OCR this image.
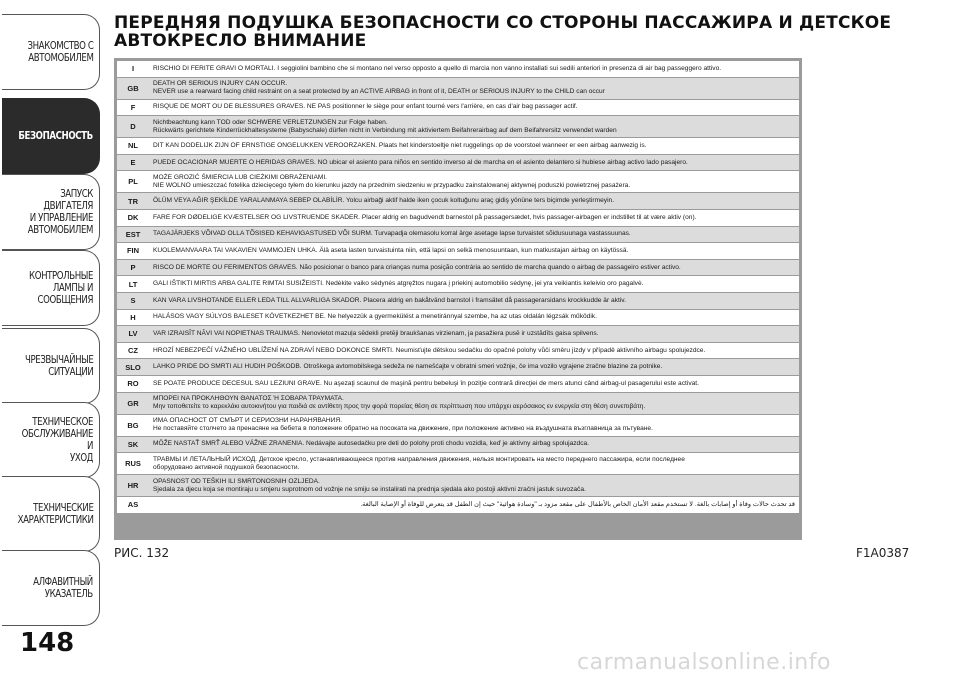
ЗНАКОМСТВО С
АВТОМОБИЛЕМ
БЕЗОПАСНОСТЬ
ЗАПУСК ДВИГАТЕЛЯ
И УПРАВЛЕНИЕ
АВТОМОБИЛЕМ
КОНТРОЛЬНЫЕ
ЛАМПЫ И
СООБЩЕНИЯ
ЧРЕЗВЫЧАЙНЫЕ
СИТУАЦИИ
ТЕХНИЧЕСКОЕ
ОБСЛУЖИВАНИЕ И
УХОД
ТЕХНИЧЕСКИЕ
ХАРАКТЕРИСТИКИ
АЛФАВИТНЫЙ
УКАЗАТЕЛЬ
148
ПЕРЕДНЯЯ ПОДУШКА БЕЗОПАСНОСТИ СО СТОРОНЫ ПАССАЖИРА И ДЕТСКОЕ АВТОКРЕСЛО ВНИМАНИЕ
I	RISCHIO DI FERITE GRAVI O MORTALI. I seggiolini bambino che si montano nel verso opposto a quello di marcia non vanno installati sui sedili anteriori in presenza di air bag passeggero attivo.
GB	DEATH OR SERIOUS INJURY CAN OCCUR.
NEVER use a rearward facing child restraint on a seat protected by an ACTIVE AIRBAG in front of it, DEATH or SERIOUS INJURY to the CHILD can occur
F	RISQUE DE MORT OU DE BLESSURES GRAVES. NE PAS positionner le siège pour enfant tourné vers l'arrière, en cas d'air bag passager actif.
D	Nichtbeachtung kann TOD oder SCHWERE VERLETZUNGEN zur Folge haben.
Rückwärts gerichtete Kinderrückhaltesysteme (Babyschale) dürfen nicht in Verbindung mit aktiviertem Beifahrerairbag auf dem Beifahrersitz verwendet warden
NL	DIT KAN DODELIJK ZIJN OF ERNSTIGE ONGELUKKEN VEROORZAKEN. Plaats het kinderstoeltje niet ruggelings op de voorstoel wanneer er een airbag aanwezig is.
E	PUEDE OCACIONAR MUERTE O HERIDAS GRAVES. NO ubicar el asiento para niños en sentido inverso al de marcha en el asiento delantero si hubiese airbag activo lado pasajero.
PL	MOŻE GROZIĆ ŚMIERCIA LUB CIEŻKIMI OBRAŻENIAMI.
NIE WOLNO umieszczać fotelika dziecięcego tyłem do kierunku jazdy na przednim siedzeniu w przypadku zainstalowanej aktywnej poduszki powietrznej pasażera.
TR	ÖLÜM VEYA AĞIR ŞEKİLDE YARALANMAYA SEBEP OLABİLİR. Yolcu airbaği aktif halde iken çocuk koltuğunu araç gidiş yönüne ters biçimde yerleştirmeyin.
DK	FARE FOR DØDELIGE KVÆSTELSER OG LIVSTRUENDE SKADER. Placer aldrig en bagudvendt barnestol på passagersædet, hvis passager-airbagen er indstillet til at være aktiv (on).
EST	TAGAJÄRJEKS VÕIVAD OLLA TÕSISED KEHAVIGASTUSED VÕI SURM. Turvapadja olemasolu korral ärge asetage lapse turvaistet sõidusuunaga vastassuunas.
FIN	KUOLEMANVAARA TAI VAKAVIEN VAMMOJEN UHKA. Älä aseta lasten turvaistuinta niin, että lapsi on selkä menosuuntaan, kun matkustajan airbag on käytössä.
P	RISCO DE MORTE OU FERIMENTOS GRAVES. Não posicionar o banco para crianças numa posição contrária ao sentido de marcha quando o airbag de passageiro estiver activo.
LT	GALI IŠTIKTI MIRTIS ARBA GALITE RIMTAI SUSIŽEISTI. Nedėkite vaiko sėdynės atgręžtos nugara į priekinį automobilio sėdynę, jei yra veikiantis keleivio oro pagalvė.
S	KAN VARA LIVSHOTANDE ELLER LEDA TILL ALLVARLIGA SKADOR. Placera aldrig en bakåtvänd barnstol i framsätet då passagerarsidans krockkudde är aktiv.
H	HALÁSOS VAGY SÚLYOS BALESET KÖVETKEZHET BE. Ne helyezzük a gyermekülést a menetiránnyal szembe, ha az utas oldalán légzsák működik.
LV	VAR IZRAISĪT NĀVI VAI NOPIETNAS TRAUMAS. Nenovietot mazuļa sēdekli pretēji braukšanas virzienam, ja pasažiera pusē ir uzstādīts gaisa spilvens.
CZ	HROZÍ NEBEZPEČÍ VÁŽNÉHO UBLÍŽENÍ NA ZDRAVÍ NEBO DOKONCE SMRTI. Neumisťujte dětskou sedačku do opačné polohy vůči směru jízdy v případě aktivního airbagu spolujezdce.
SLO	LAHKO PRIDE DO SMRTI ALI HUDIH POŠKODB. Otroškega avtomobilskega sedeža ne namešćajte v obratni smeri vožnje, če ima vozilo vgrajene zračne blazine za potnike.
RO	SE POATE PRODUCE DECESUL SAU LEZIUNI GRAVE. Nu aşezaţi scaunul de maşină pentru bebeluşi în poziţie contrară direcţiei de mers atunci când airbag-ul pasagerului este activat.
GR	ΜΠΟΡΕΙ ΝΑ ΠΡΟΚΛΗΘΟΥΝ ΘΑΝΑΤΟΣ Ή ΣΟΒΑΡΑ ΤΡΑΥΜΑΤΑ.
Μην τοποθετείτε το καρεκλάκι αυτοκινήτου για παιδιά σε αντίθετη προς την φορά πορείας θέση σε περίπτωση που υπάρχει αερόσακος εν ενεργεία στη θέση συνεπιβάτη.
BG	ИМА ОПАСНОСТ ОТ СМЪРТ И СЕРИОЗНИ НАРАНЯВАНИЯ.
Не поставяйте столчето за пренасяне на бебета в положение обратно на посоката на движение, при положение активно на въздушната възглавница за пътуване.
SK	MÔŽE NASTAŤ SMRŤ ALEBO VÁŽNE ZRANENIA. Nedávajte autosedačku pre deti do polohy proti chodu vozidla, keď je aktívny airbag spolujazdca.
RUS	ТРАВМЫ И ЛЕТАЛЬНЫЙ ИСХОД. Детское кресло, устанавливающееся против направления движения, нельзя монтировать на место переднего пассажира, если последнее
оборудовано активной подушкой безопасности.
HR	OPASNOST OD TEŠKIH ILI SMRTONOSNIH OZLJEDA.
Sjedala za djecu koja se montiraju u smjeru suprotnom od vožnje ne smiju se instalirati na prednja sjedala ako postoji aktivni zračni jastuk suvozača.
AS	قد تحدث حالات وفاة أو إصابات بالغة. لا تستخدم مقعد الأمان الخاص بالأطفال على مقعد مزود بـ "وسادة هوائية" حيث إن الطفل قد يتعرض للوفاة أو الإصابة البالغة.
РИС. 132	F1A0387
carmanualsonline.info
